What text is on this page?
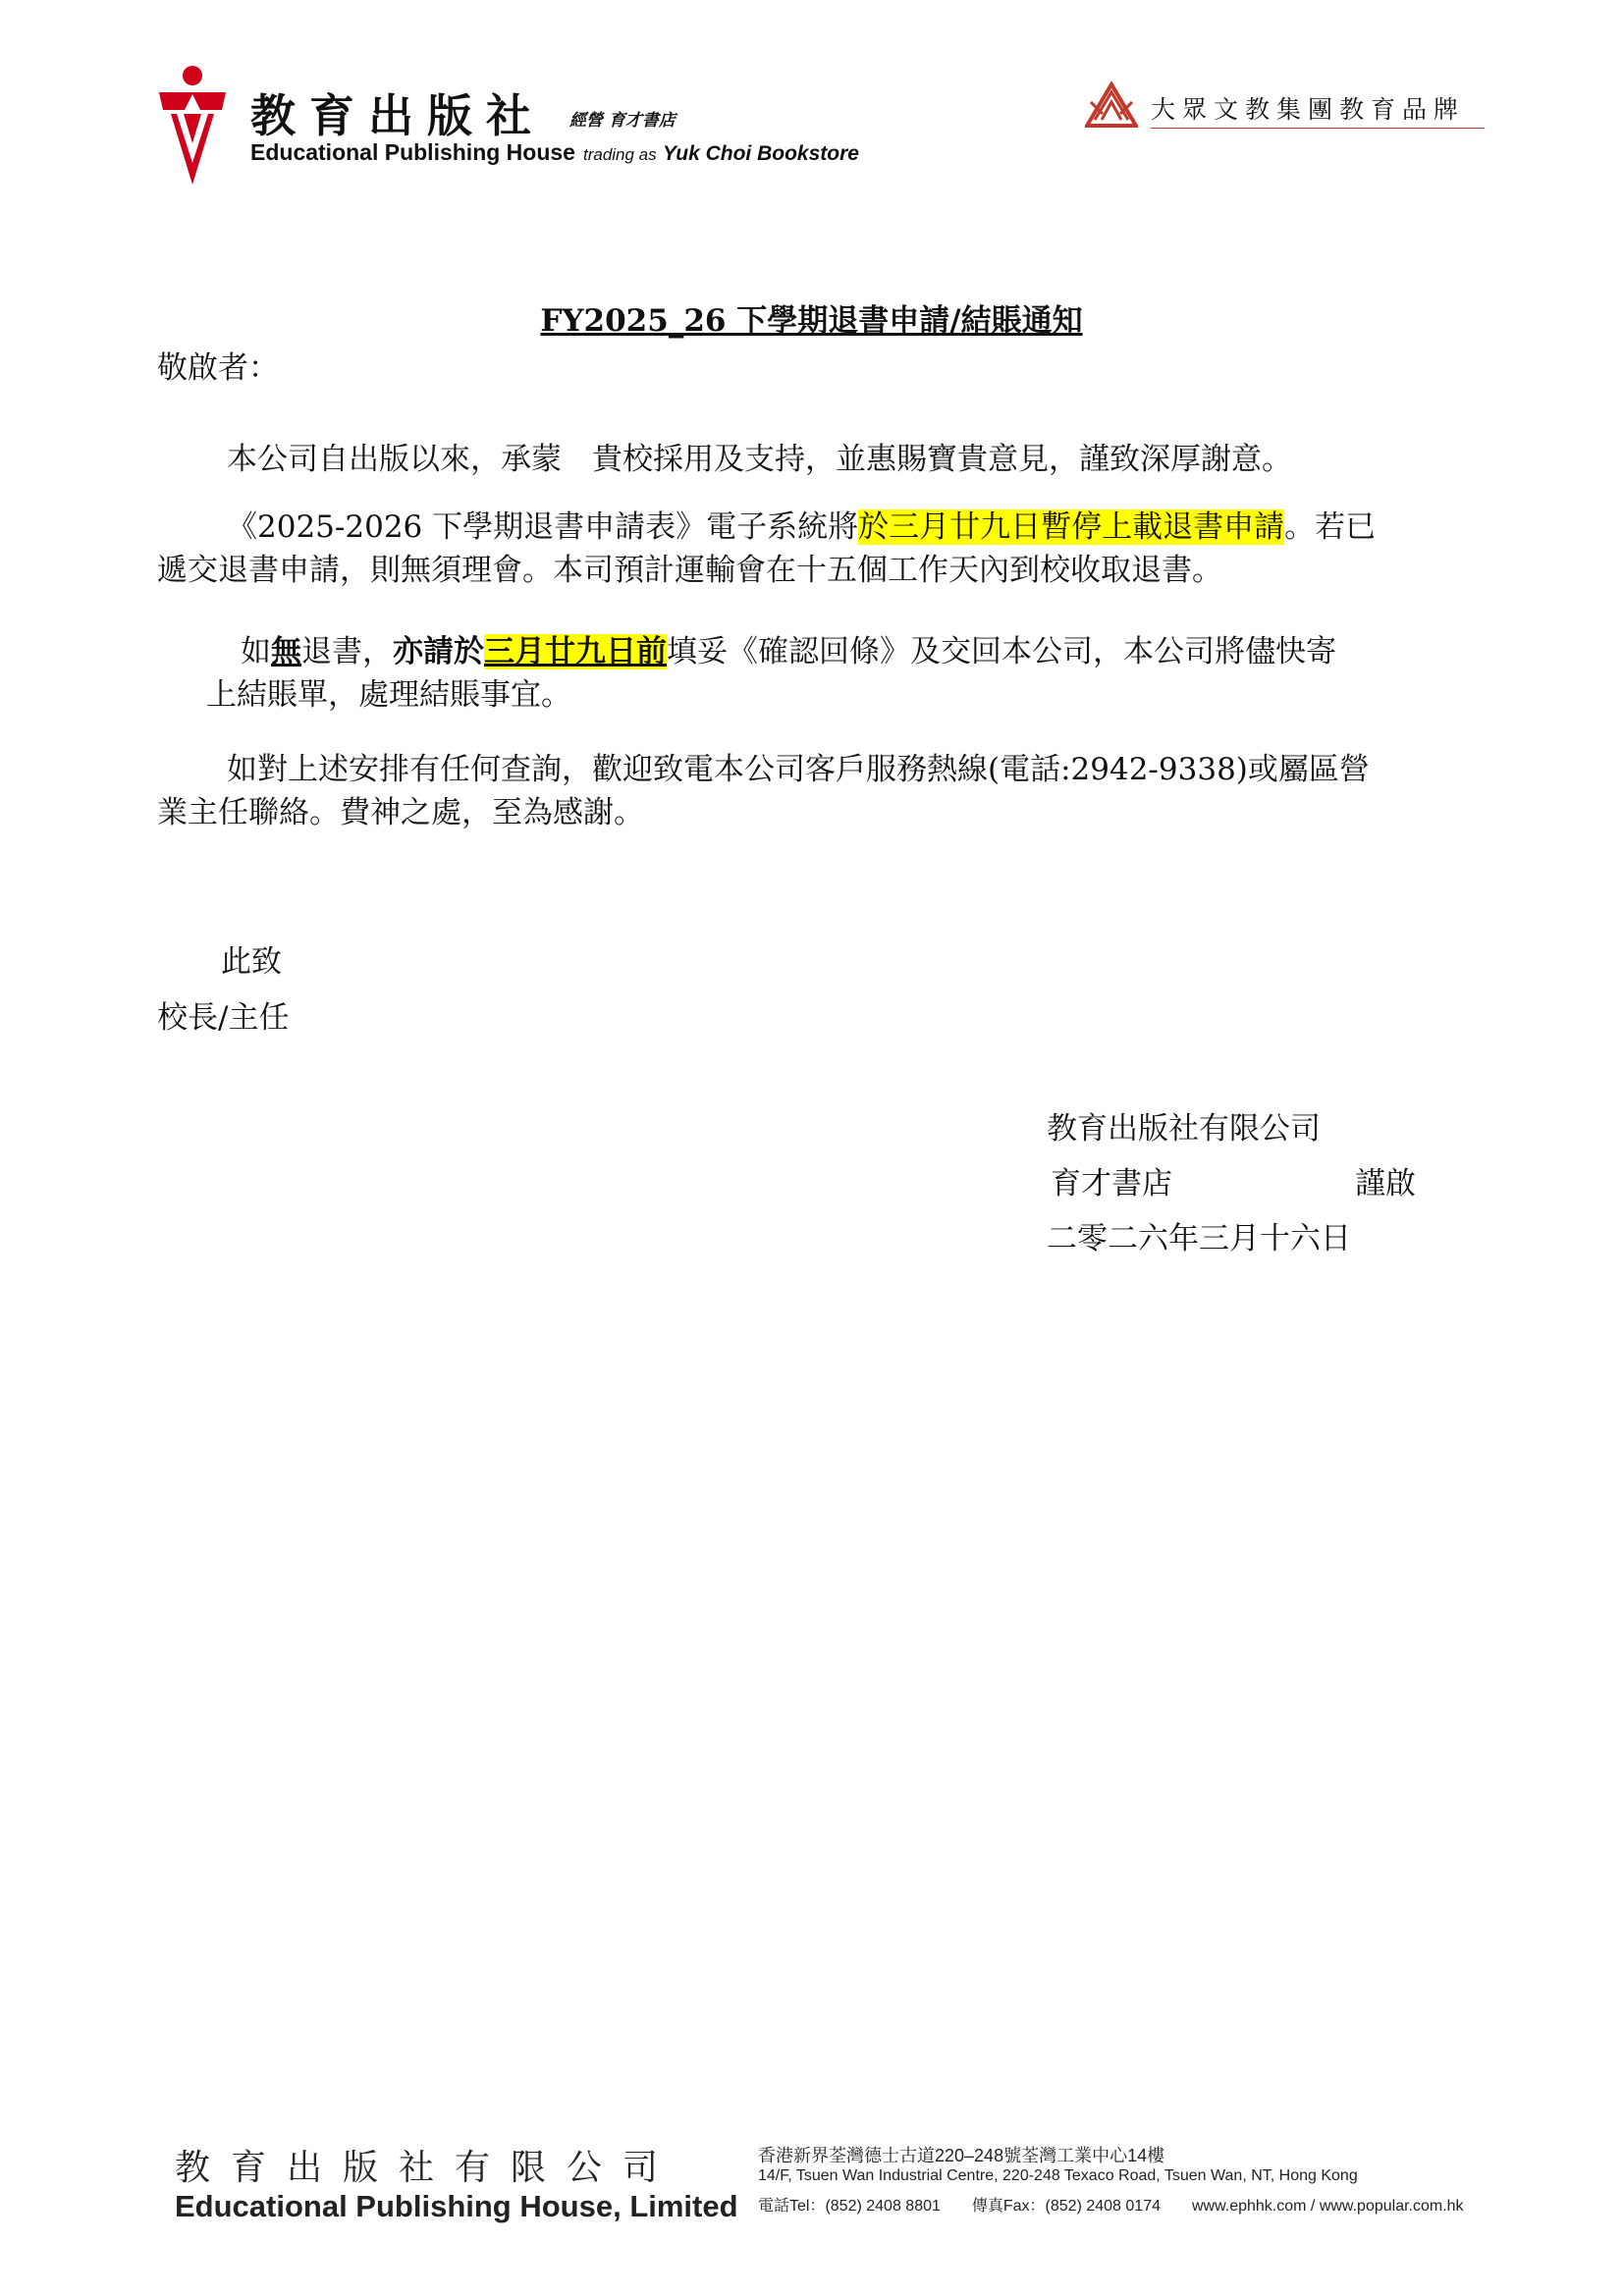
教育出版社 經營 育才書店
Educational Publishing House trading as Yuk Choi Bookstore
大眾文教集團教育品牌
FY2025_26 下學期退書申請/結賬通知
敬啟者：
本公司自出版以來，承蒙　貴校採用及支持，並惠賜寶貴意見，謹致深厚謝意。
《2025-2026 下學期退書申請表》電子系統將於三月廿九日暫停上載退書申請。若已
遞交退書申請，則無須理會。本司預計運輸會在十五個工作天內到校收取退書。
如無退書，亦請於三月廿九日前填妥《確認回條》及交回本公司，本公司將儘快寄
上結賬單，處理結賬事宜。
如對上述安排有任何查詢，歡迎致電本公司客戶服務熱線(電話:2942-9338)或屬區營
業主任聯絡。費神之處，至為感謝。
此致
校長/主任
教育出版社有限公司
育才書店	謹啟
二零二六年三月十六日
教育出版社有限公司
Educational Publishing House, Limited
香港新界荃灣德士古道220–248號荃灣工業中心14樓
14/F, Tsuen Wan Industrial Centre, 220-248 Texaco Road, Tsuen Wan, NT, Hong Kong
電話Tel：(852) 2408 8801　　傳真Fax：(852) 2408 0174　　www.ephhk.com / www.popular.com.hk
